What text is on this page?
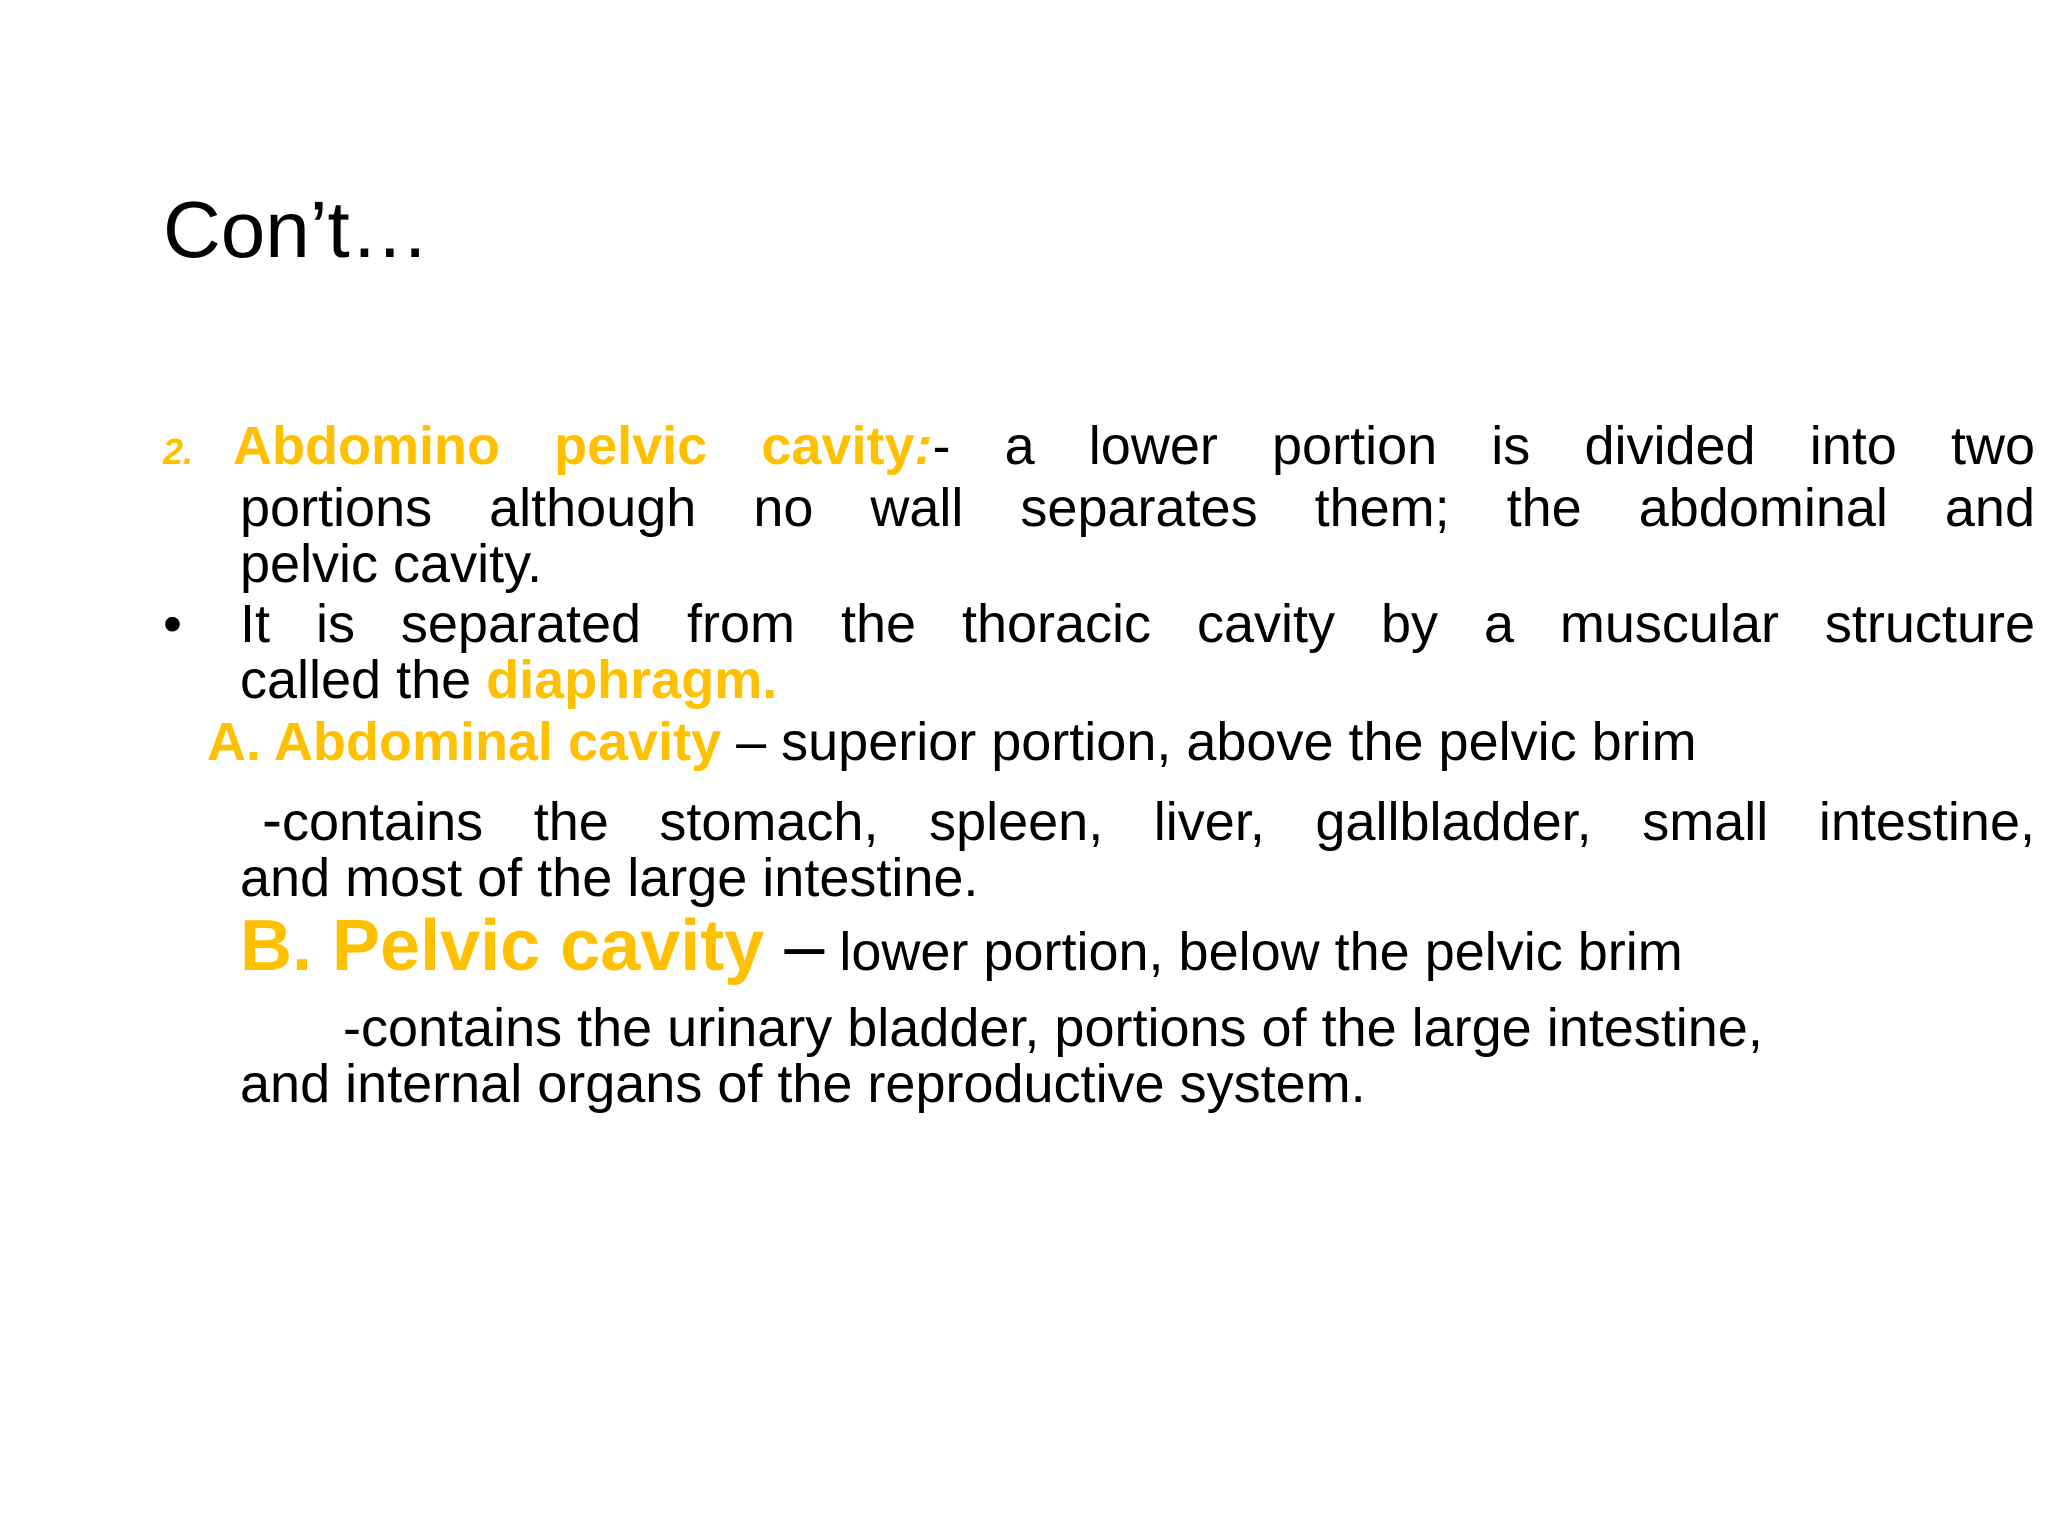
Con’t…
2. Abdomino pelvic cavity:- a lower portion is divided into two
portions although no wall separates them; the abdominal and
pelvic cavity.
•	It is separated from the thoracic cavity by a muscular structure
called the diaphragm.
A. Abdominal cavity – superior portion, above the pelvic brim
-contains the stomach, spleen, liver, gallbladder, small intestine,
and most of the large intestine.
B. Pelvic cavity – lower portion, below the pelvic brim
-contains the urinary bladder, portions of the large intestine,
and internal organs of the reproductive system.
